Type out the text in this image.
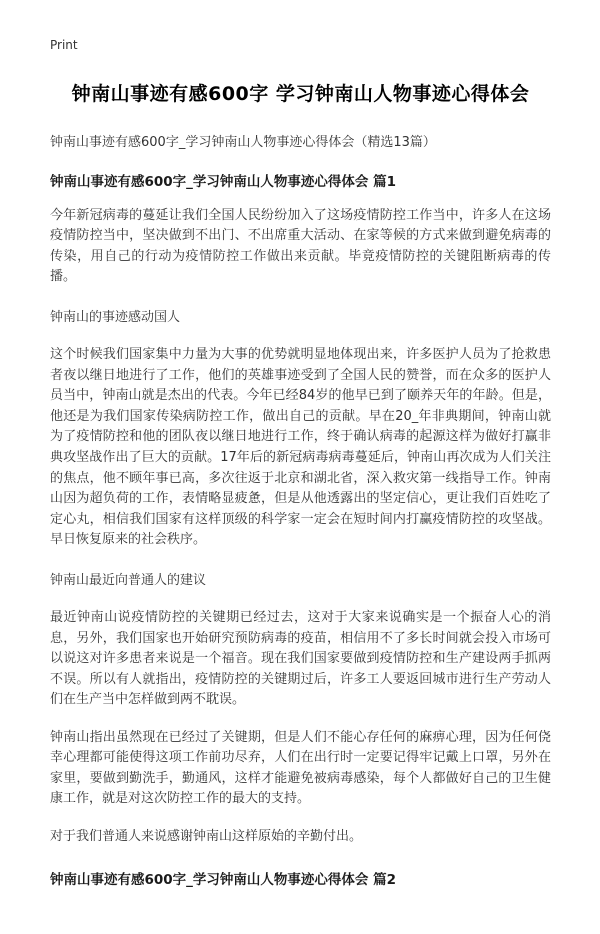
Print
钟南山事迹有感600字 学习钟南山人物事迹心得体会

钟南山事迹有感600字_学习钟南山人物事迹心得体会（精选13篇）

钟南山事迹有感600字_学习钟南山人物事迹心得体会 篇1

今年新冠病毒的蔓延让我们全国人民纷纷加入了这场疫情防控工作当中，许多人在这场疫情防控当中，坚决做到不出门、不出席重大活动、在家等候的方式来做到避免病毒的传染，用自己的行动为疫情防控工作做出来贡献。毕竟疫情防控的关键阻断病毒的传播。

钟南山的事迹感动国人

这个时候我们国家集中力量为大事的优势就明显地体现出来，许多医护人员为了抢救患者夜以继日地进行了工作，他们的英雄事迹受到了全国人民的赞誉，而在众多的医护人员当中，钟南山就是杰出的代表。今年已经84岁的他早已到了颐养天年的年龄。但是，他还是为我们国家传染病防控工作，做出自己的贡献。早在20_年非典期间，钟南山就为了疫情防控和他的团队夜以继日地进行工作，终于确认病毒的起源这样为做好打赢非典攻坚战作出了巨大的贡献。17年后的新冠病毒病毒蔓延后，钟南山再次成为人们关注的焦点，他不顾年事已高，多次往返于北京和湖北省，深入救灾第一线指导工作。钟南山因为超负荷的工作，表情略显疲惫，但是从他透露出的坚定信心，更让我们百姓吃了定心丸，相信我们国家有这样顶级的科学家一定会在短时间内打赢疫情防控的攻坚战。早日恢复原来的社会秩序。

钟南山最近向普通人的建议

最近钟南山说疫情防控的关键期已经过去，这对于大家来说确实是一个振奋人心的消息，另外，我们国家也开始研究预防病毒的疫苗，相信用不了多长时间就会投入市场可以说这对许多患者来说是一个福音。现在我们国家要做到疫情防控和生产建设两手抓两不误。所以有人就指出，疫情防控的关键期过后，许多工人要返回城市进行生产劳动人们在生产当中怎样做到两不耽误。

钟南山指出虽然现在已经过了关键期，但是人们不能心存任何的麻痹心理，因为任何侥幸心理都可能使得这项工作前功尽弃，人们在出行时一定要记得牢记戴上口罩，另外在家里，要做到勤洗手，勤通风，这样才能避免被病毒感染，每个人都做好自己的卫生健康工作，就是对这次防控工作的最大的支持。

对于我们普通人来说感谢钟南山这样原始的辛勤付出。

钟南山事迹有感600字_学习钟南山人物事迹心得体会 篇2
